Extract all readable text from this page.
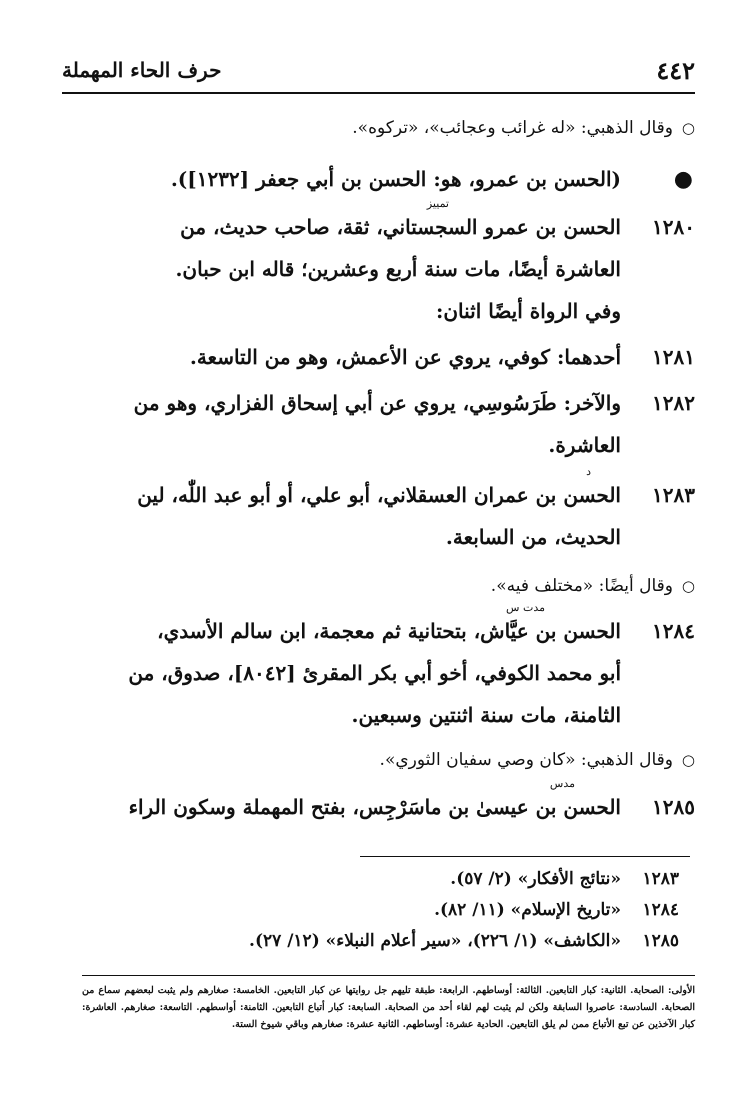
٤٤٢
حرف الحاء المهملة
○
وقال الذهبي: «له غرائب وعجائب»، «تركوه».
●
(الحسن بن عمرو، هو: الحسن بن أبي جعفر [١٢٣٢]).
تمييز
١٢٨٠
الحسن بن عمرو السجستاني، ثقة، صاحب حديث، من
العاشرة أيضًا، مات سنة أربع وعشرين؛ قاله ابن حبان.
وفي الرواة أيضًا اثنان:
١٢٨١
أحدهما: كوفي، يروي عن الأعمش، وهو من التاسعة.
١٢٨٢
والآخر: طَرَسُوسِي، يروي عن أبي إسحاق الفزاري، وهو من
العاشرة.
د
١٢٨٣
الحسن بن عمران العسقلاني، أبو علي، أو أبو عبد اللّٰه، لين
الحديث، من السابعة.
○
وقال أيضًا: «مختلف فيه».
مدت س
١٢٨٤
الحسن بن عيَّاش، بتحتانية ثم معجمة، ابن سالم الأسدي،
أبو محمد الكوفي، أخو أبي بكر المقرئ [٨٠٤٢]، صدوق، من
الثامنة، مات سنة اثنتين وسبعين.
○
وقال الذهبي: «كان وصي سفيان الثوري».
مدس
١٢٨٥
الحسن بن عيسىٰ بن ماسَرْجِس، بفتح المهملة وسكون الراء
١٢٨٣
«نتائج الأفكار» (٢/ ٥٧).
١٢٨٤
«تاريخ الإسلام» (١١/ ٨٢).
١٢٨٥
«الكاشف» (١/ ٢٢٦)، «سير أعلام النبلاء» (١٢/ ٢٧).
الأولى: الصحابة. الثانية: كبار التابعين. الثالثة: أوساطهم. الرابعة: طبقة تليهم جل روايتها عن كبار التابعين. الخامسة: صغارهم ولم يثبت لبعضهم سماع من الصحابة. السادسة: عاصروا السابقة ولكن لم يثبت لهم لقاء أحد من الصحابة. السابعة: كبار أتباع التابعين. الثامنة: أواسطهم. التاسعة: صغارهم. العاشرة: كبار الآخذين عن تبع الأتباع ممن لم يلق التابعين. الحادية عشرة: أوساطهم. الثانية عشرة: صغارهم وباقي شيوخ الستة.
